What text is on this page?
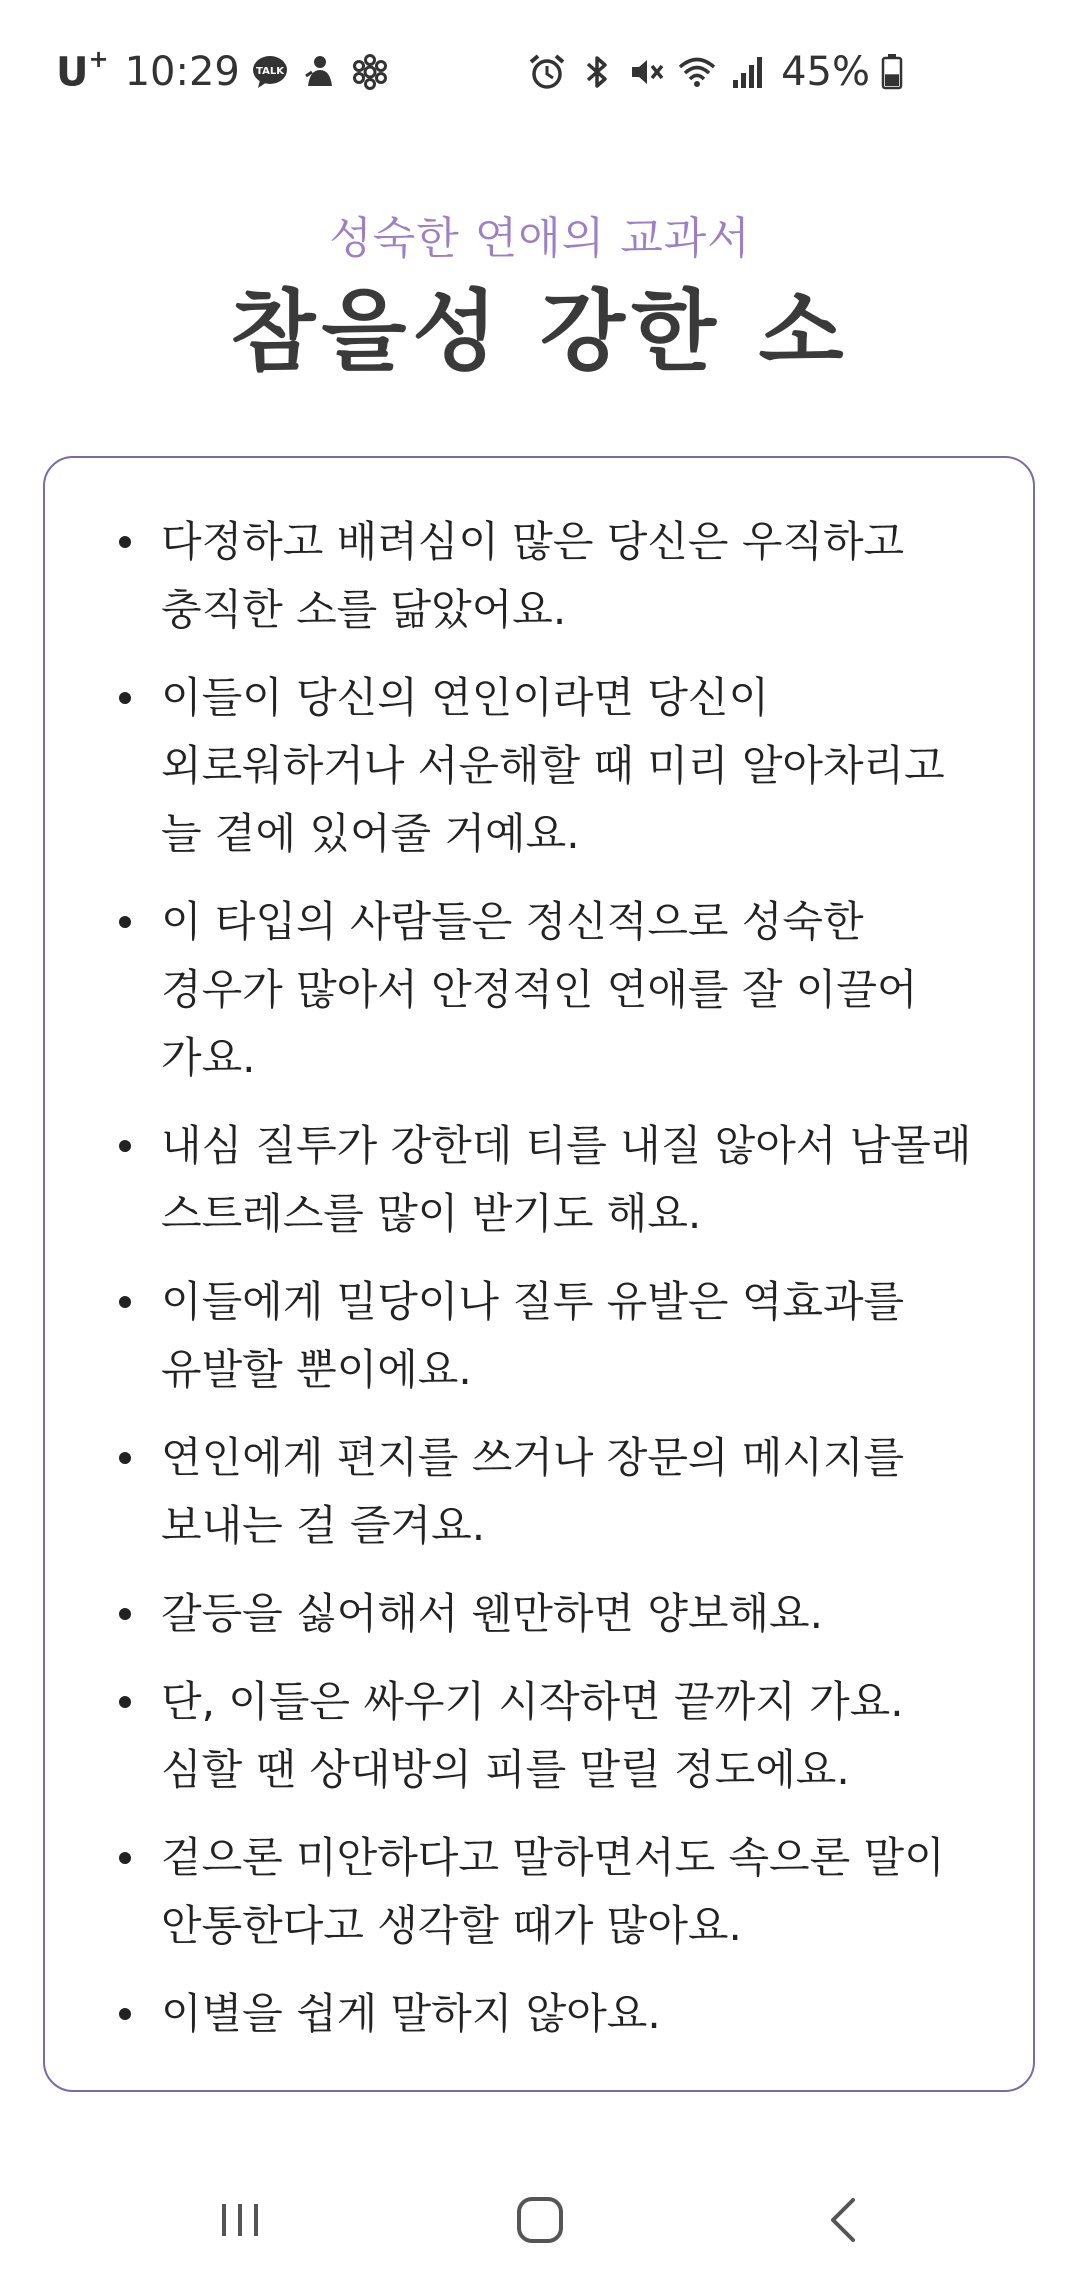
U+ 10:29 TALK	45%
성숙한 연애의 교과서
참을성 강한 소
다정하고 배려심이 많은 당신은 우직하고 충직한 소를 닮았어요.
이들이 당신의 연인이라면 당신이 외로워하거나 서운해할 때 미리 알아차리고 늘 곁에 있어줄 거예요.
이 타입의 사람들은 정신적으로 성숙한 경우가 많아서 안정적인 연애를 잘 이끌어 가요.
내심 질투가 강한데 티를 내질 않아서 남몰래 스트레스를 많이 받기도 해요.
이들에게 밀당이나 질투 유발은 역효과를 유발할 뿐이에요.
연인에게 편지를 쓰거나 장문의 메시지를 보내는 걸 즐겨요.
갈등을 싫어해서 웬만하면 양보해요.
단, 이들은 싸우기 시작하면 끝까지 가요. 심할 땐 상대방의 피를 말릴 정도에요.
겉으론 미안하다고 말하면서도 속으론 말이 안통한다고 생각할 때가 많아요.
이별을 쉽게 말하지 않아요.
